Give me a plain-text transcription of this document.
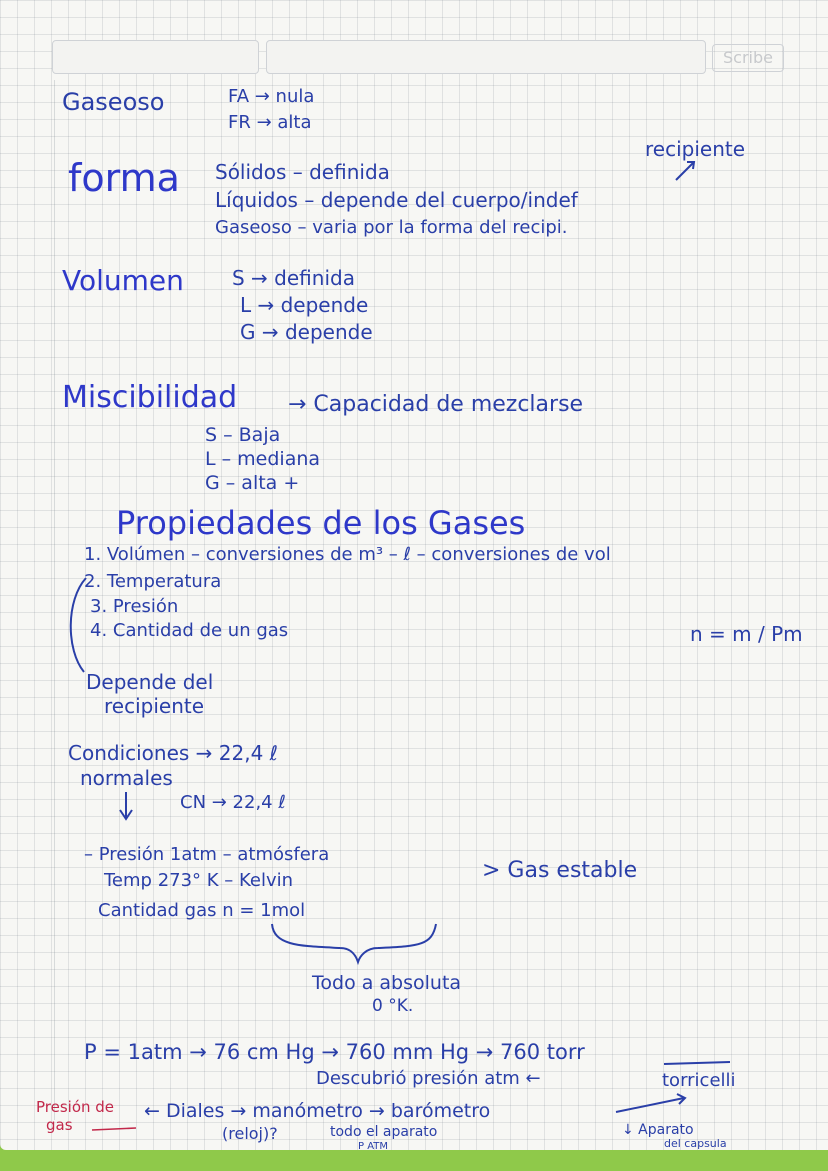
Scribe
Gaseoso	FA → nula
FR → alta
recipiente
forma Sólidos – definida
Líquidos – depende del cuerpo/indef
Gaseoso – varia por la forma del recipi.
Volumen S → definida
L → depende
G → depende
Miscibilidad → Capacidad de mezclarse
S – Baja
L – mediana
G – alta +
Propiedades de los Gases
1. Volúmen – conversiones de m³ – ℓ – conversiones de vol
2. Temperatura
3. Presión
4. Cantidad de un gas	n = m / Pm
Depende del
recipiente
Condiciones → 22,4 ℓ
normales
CN → 22,4 ℓ
– Presión 1atm – atmósfera
Temp 273° K – Kelvin
Cantidad gas n = 1mol
> Gas estable
Todo a absoluta
0 °K.
P = 1atm → 76 cm Hg → 760 mm Hg → 760 torr
Descubrió presión atm ←	torricelli
Presión de
gas
← Diales → manómetro → barómetro
(reloj)?	todo el aparato
P ATM
↓ Aparato
del capsula
